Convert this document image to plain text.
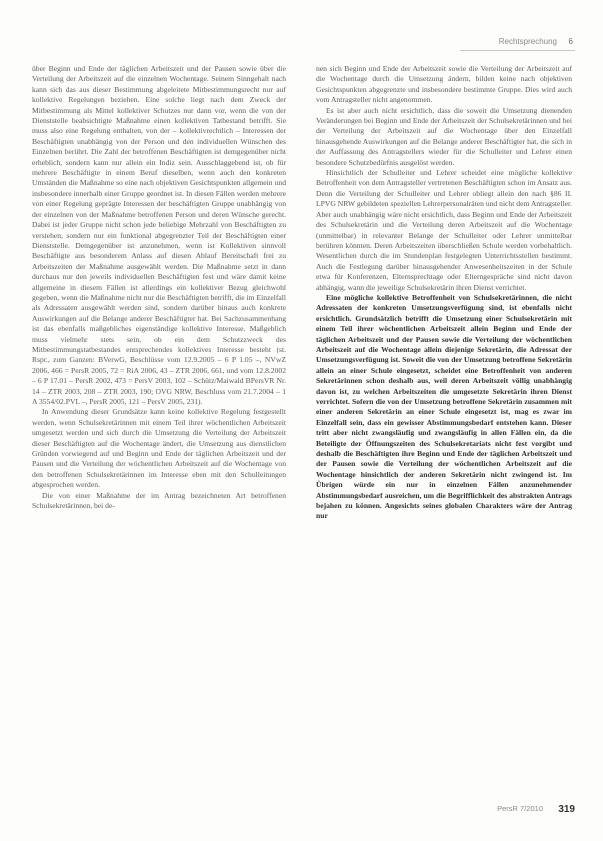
Rechtsprechung 6

über Beginn und Ende der täglichen Arbeitszeit und der Pausen sowie über die Verteilung der Arbeitszeit auf die einzelnen Wochentage. Seinem Sinngehalt nach kann sich das aus dieser Bestimmung abgeleitete Mitbestimmungsrecht nur auf kollektive Regelungen beziehen. Eine solche liegt nach dem Zweck der Mitbestimmung als Mittel kollektiver Schutzes nur dann vor, wenn die von der Dienststelle beabsichtigte Maßnahme einen kollektiven Tatbestand betrifft. Sie muss also eine Regelung enthalten, von der – kollektivrechtlich – Interessen der Beschäftigten unabhängig von der Person und den individuellen Wünschen des Einzelnen berührt. Die Zahl der betroffenen Beschäftigten ist demgegenüber nicht erheblich, sondern kann nur allein ein Indiz sein. Ausschlaggebend ist, ob für mehrere Beschäftigte in einem Beruf dieselben, wenn auch den konkreten Umständen die Maßnahme so eine nach objektiven Gesichtspunkten allgemein und insbesondere innerhalb einer Gruppe geordnet ist. In diesen Fällen werden mehrere von einer Regelung geprägte Interessen der beschäftigten Gruppe unabhängig von der einzelnen von der Maßnahme betroffenen Person und deren Wünsche gerecht. Dabei ist jeder Gruppe nicht schon jede beliebige Mehrzahl von Beschäftigten zu verstehen, sondern nur ein funktional abgegrenzter Teil der Beschäftigten einer Dienststelle. Demgegenüber ist anzunehmen, wenn ist Kollektiven sinnvoll Beschäftigte aus besonderem Anlass auf diesen Ablauf Bereitschaft frei zu Arbeitszeiten der Maßnahme ausgewählt werden. Die Maßnahme setzt in dann durchaus nur den jeweils individuellen Beschäftigten fest und wäre damit keine allgemeine in diesem Fällen ist allerdings ein kollektiver Bezug gleichwohl gegeben, wenn die Maßnahme nicht nur die Beschäftigten betrifft, die im Einzelfall als Adressaten ausgewählt werden sind, sondern darüber hinaus auch konkrete Auswirkungen auf die Belange anderer Beschäftigter hat. Bei Sachzusammenhang ist das ebenfalls maßgebliches eigenständige kollektive Interesse. Maßgeblich muss vielmehr stets sein, ob ein dem Schutzzweck des Mitbestimmungstatbestandes entsprechendes kollektives Interesse besteht (st. Rspr., zum Ganzen: BVerwG, Beschlüsse vom 12.9.2005 – 6 P 1.05 –, NVwZ 2006, 466 = PersR 2005, 72 = RiA 2006, 43 – ZTR 2006, 661, und vom 12.8.2002 – 6 P 17.01 – PersR 2002, 473 = PersV 2003, 102 – Schütz/Maiwald BPersVR Nr. 14 – ZTR 2003, 208 – ZTR 2003, 190; OVG NRW, Beschluss vom 21.7.2004 – 1 A 3554/02.PVL –, PersR 2005, 121 – PersV 2005, 231).

In Anwendung dieser Grundsätze kann keine kollektive Regelung festgestellt werden, wenn Schulsekretärinnen mit einem Teil ihrer wöchentlichen Arbeitszeit umgesetzt werden und sich durch die Umsetzung die Verteilung der Arbeitszeit dieser Beschäftigten auf die Wochentage ändert, die Umsetzung aus dienstlichen Gründen vorwiegend auf und Beginn und Ende der täglichen Arbeitszeit und der Pausen und die Verteilung der wöchentlichen Arbeitszeit auf die Wochentage von den betroffenen Schulsekretärinnen im Interesse eben mit den Schulleitungen abgesprochen werden.

Die von einer Maßnahme der im Antrag bezeichneten Art betroffenen Schulsekretärinnen, bei de-

nen sich Beginn und Ende der Arbeitszeit sowie die Verteilung der Arbeitszeit auf die Wochentage durch die Umsetzung ändern, bilden keine nach objektiven Gesichtspunkten abgegrenzte und insbesondere bestimmte Gruppe. Dies wird auch vom Antragsteller nicht angenommen.

Es ist aber auch nicht ersichtlich, dass die soweit die Umsetzung dienenden Veränderungen bei Beginn und Ende der Arbeitszeit der Schulsekretärinnen und bei der Verteilung der Arbeitszeit auf die Wochentage über den Einzelfall hinausgehende Auswirkungen auf die Belange anderer Beschäftigter hat, die sich in der Auffassung des Antragstellers wieder für die Schulleiter und Lehrer einen besondere Schutzbedürfnis ausgelöst werden.

Hinsichtlich der Schulleiter und Lehrer scheidet eine mögliche kollektive Betroffenheit von dem Antragsteller vertretenen Beschäftigten schon im Ansatz aus. Denn die Verteilung der Schulleiter und Lehrer obliegt allein den nach §86 II. LPVG NRW gebildeten speziellen Lehrerpersonalräten und nicht dem Antragsteller. Aber auch unabhängig wäre nicht ersichtlich, dass Beginn und Ende der Arbeitszeit des Schulsekretärin und die Verteilung deren Arbeitszeit auf die Wochentage (unmittelbar) in relevanter Belange der Schulleiter oder Lehrer unmittelbar berühren könnten. Deren Arbeitszeiten überschließen Schule werden vorbehaltlich. Wesentlichen durch die im Stundenplan festgelegten Unterrichtsstellen bestimmt. Auch die Festlegung darüber hinausgehender Anwesenheitszeiten in der Schule etwa für Konferenzen, Elternsprechtage oder Elterngespräche sind nicht davon abhängig, wann die jeweilige Schulsekretärin ihren Dienst verrichtet.

Eine mögliche kollektive Betroffenheit von Schulsekretärinnen, die nicht Adressaten der konkreten Umsetzungsverfügung sind, ist ebenfalls nicht ersichtlich. Grundsätzlich betrifft die Umsetzung einer Schulsekretärin mit einem Teil ihrer wöchentlichen Arbeitszeit allein Beginn und Ende der täglichen Arbeitszeit und der Pausen sowie die Verteilung der wöchentlichen Arbeitszeit auf die Wochentage allein diejenige Sekretärin, die Adressat der Umsetzungsverfügung ist. Soweit die von der Umsetzung betroffene Sekretärin allein an einer Schule eingesetzt, scheidet eine Betroffenheit von anderen Sekretärinnen schon deshalb aus, weil deren Arbeitszeit völlig unabhängig davon ist, zu welchen Arbeitszeiten die umgesetzte Sekretärin ihren Dienst verrichtet. Sofern die von der Umsetzung betroffene Sekretärin zusammen mit einer anderen Sekretärin an einer Schule eingesetzt ist, mag es zwar im Einzelfall sein, dass ein gewisser Abstimmungsbedarf entstehen kann. Dieser tritt aber nicht zwangsläufig und zwangsläufig in allen Fällen ein, da die Beteiligte der Öffnungszeiten des Schulsekretariats nicht fest vorgibt und deshalb die Beschäftigten ihre Beginn und Ende der täglichen Arbeitszeit und der Pausen sowie die Verteilung der wöchentlichen Arbeitszeit auf die Wochentage hinsichtlich der anderen Sekretärin nicht zwingend ist. Im Übrigen würde ein nur in einzelnen Fällen anzunehmender Abstimmungsbedarf ausreichen, um die Begrifflichkeit des abstrakten Antrags bejahen zu können. Angesichts seines globalen Charakters wäre der Antrag nur

PersR 7/2010 319
